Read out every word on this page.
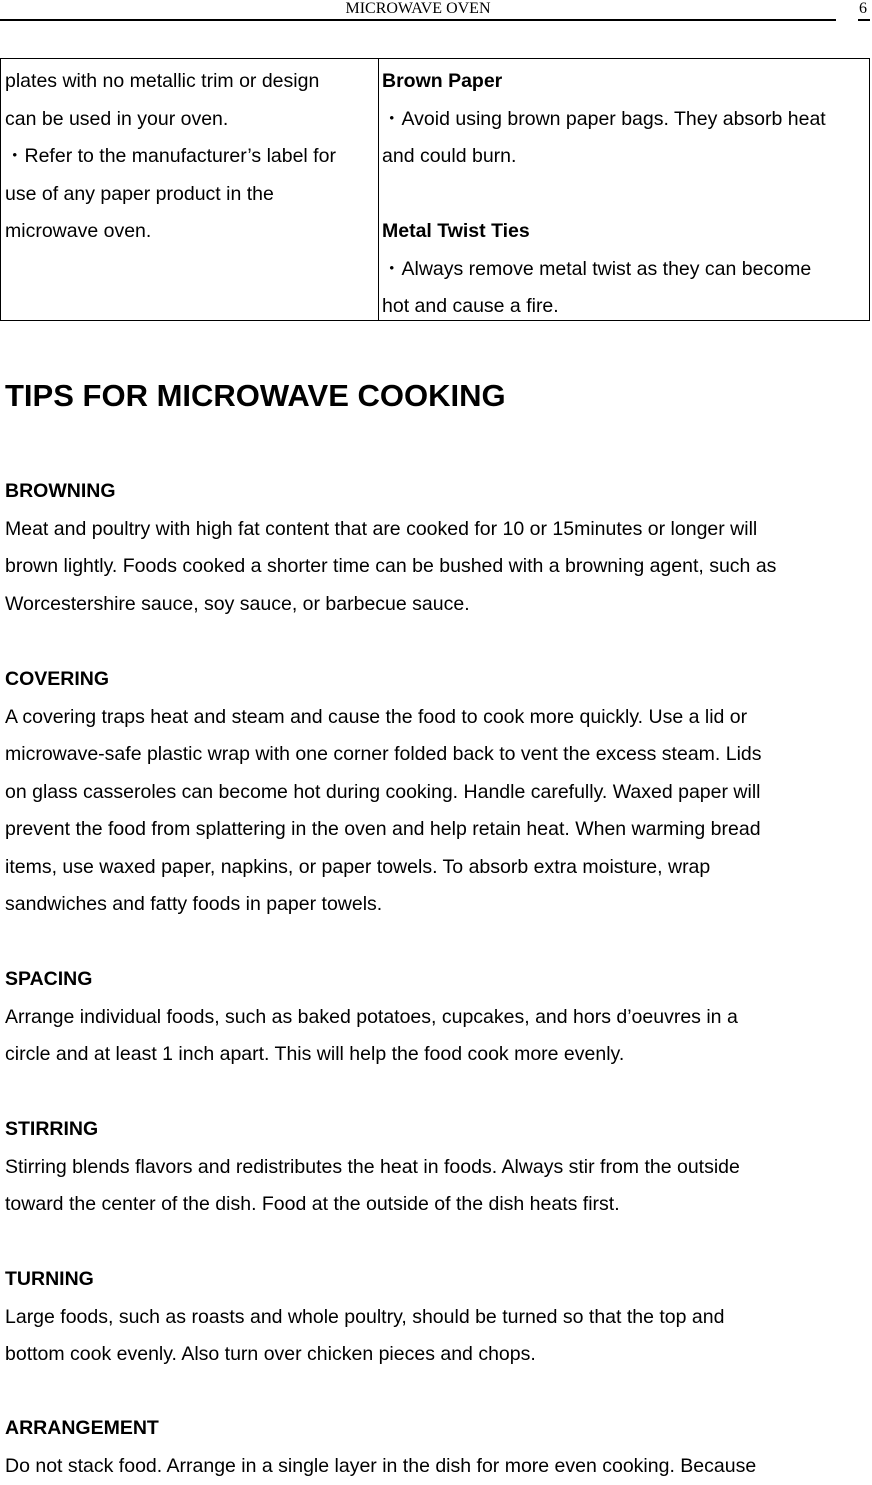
MICROWAVE OVEN	6

plates with no metallic trim or design

can be used in your oven.

・Refer to the manufacturer’s label for

use of any paper product in the

microwave oven.

Brown Paper

・Avoid using brown paper bags. They absorb heat

and could burn.

Metal Twist Ties

・Always remove metal twist as they can become

hot and cause a fire.

TIPS FOR MICROWAVE COOKING
BROWNING

Meat and poultry with high fat content that are cooked for 10 or 15minutes or longer will

brown lightly. Foods cooked a shorter time can be bushed with a browning agent, such as

Worcestershire sauce, soy sauce, or barbecue sauce.

COVERING

A covering traps heat and steam and cause the food to cook more quickly. Use a lid or

microwave-safe plastic wrap with one corner folded back to vent the excess steam. Lids

on glass casseroles can become hot during cooking. Handle carefully. Waxed paper will

prevent the food from splattering in the oven and help retain heat. When warming bread

items, use waxed paper, napkins, or paper towels. To absorb extra moisture, wrap

sandwiches and fatty foods in paper towels.

SPACING

Arrange individual foods, such as baked potatoes, cupcakes, and hors d’oeuvres in a

circle and at least 1 inch apart. This will help the food cook more evenly.

STIRRING

Stirring blends flavors and redistributes the heat in foods. Always stir from the outside

toward the center of the dish. Food at the outside of the dish heats first.

TURNING

Large foods, such as roasts and whole poultry, should be turned so that the top and

bottom cook evenly. Also turn over chicken pieces and chops.

ARRANGEMENT

Do not stack food. Arrange in a single layer in the dish for more even cooking. Because
